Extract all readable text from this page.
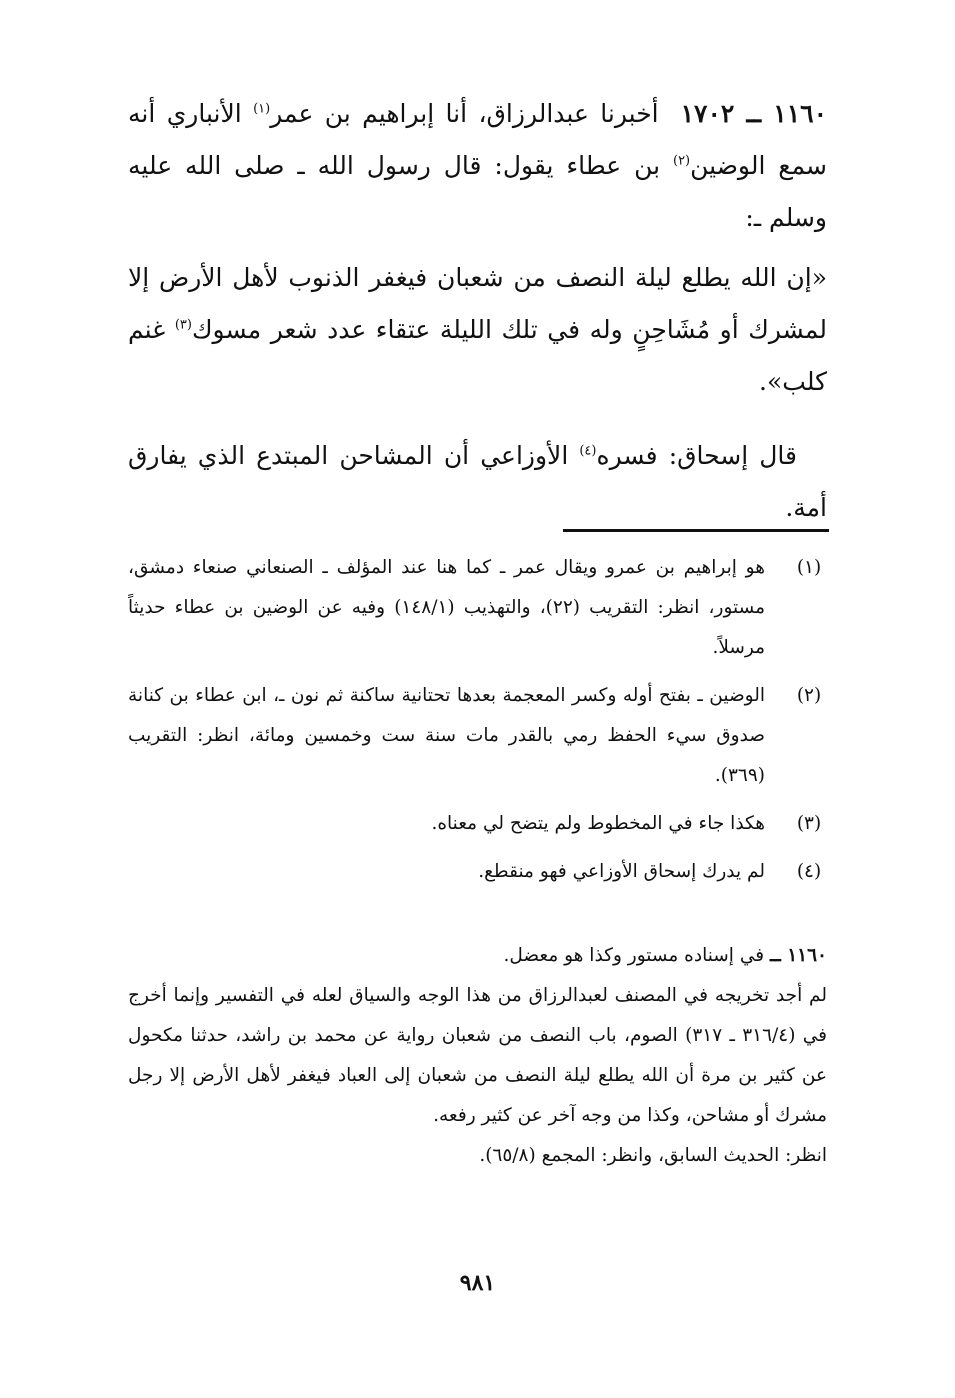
١١٦٠ ــ ١٧٠٢أخبرنا عبدالرزاق، أنا إبراهيم بن عمر$^{(١)}$ الأنباري أنه سمع الوضين$^{(٢)}$ بن عطاء يقول: قال رسول الله ـ صلى الله عليه وسلم ـ:

«إن الله يطلع ليلة النصف من شعبان فيغفر الذنوب لأهل الأرض إلا لمشرك أو مُشَاحِنٍ وله في تلك الليلة عتقاء عدد شعر مسوك$^{(٣)}$ غنم كلب».

قال إسحاق: فسره$^{(٤)}$ الأوزاعي أن المشاحن المبتدع الذي يفارق أمة.

(١)
هو إبراهيم بن عمرو ويقال عمر ـ كما هنا عند المؤلف ـ الصنعاني صنعاء دمشق، مستور، انظر: التقريب (٢٢)، والتهذيب (١٤٨/١) وفيه عن الوضين بن عطاء حديثاً مرسلاً.
(٢)
الوضين ـ بفتح أوله وكسر المعجمة بعدها تحتانية ساكنة ثم نون ـ، ابن عطاء بن كنانة صدوق سيء الحفظ رمي بالقدر مات سنة ست وخمسين ومائة، انظر: التقريب (٣٦٩).
(٣)
هكذا جاء في المخطوط ولم يتضح لي معناه.
(٤)
لم يدرك إسحاق الأوزاعي فهو منقطع.

١١٦٠ ــ في إسناده مستور وكذا هو معضل.

لم أجد تخريجه في المصنف لعبدالرزاق من هذا الوجه والسياق لعله في التفسير وإنما أخرج في (٣١٦/٤ ـ ٣١٧) الصوم، باب النصف من شعبان رواية عن محمد بن راشد، حدثنا مكحول عن كثير بن مرة أن الله يطلع ليلة النصف من شعبان إلى العباد فيغفر لأهل الأرض إلا رجل مشرك أو مشاحن، وكذا من وجه آخر عن كثير رفعه.

انظر: الحديث السابق، وانظر: المجمع (٦٥/٨).

٩٨١
